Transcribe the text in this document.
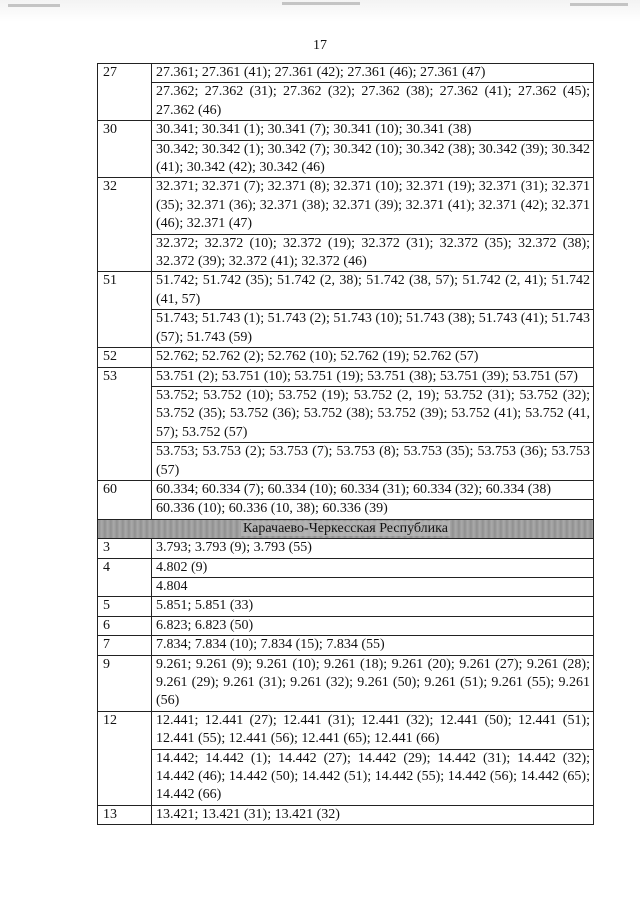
17
27	27.361; 27.361 (41); 27.361 (42); 27.361 (46); 27.361 (47)
	27.362; 27.362 (31); 27.362 (32); 27.362 (38); 27.362 (41); 27.362 (45); 27.362 (46)
30	30.341; 30.341 (1); 30.341 (7); 30.341 (10); 30.341 (38)
	30.342; 30.342 (1); 30.342 (7); 30.342 (10); 30.342 (38); 30.342 (39); 30.342 (41); 30.342 (42); 30.342 (46)
32	32.371; 32.371 (7); 32.371 (8); 32.371 (10); 32.371 (19); 32.371 (31); 32.371 (35); 32.371 (36); 32.371 (38); 32.371 (39); 32.371 (41); 32.371 (42); 32.371 (46); 32.371 (47)
	32.372; 32.372 (10); 32.372 (19); 32.372 (31); 32.372 (35); 32.372 (38); 32.372 (39); 32.372 (41); 32.372 (46)
51	51.742; 51.742 (35); 51.742 (2, 38); 51.742 (38, 57); 51.742 (2, 41); 51.742 (41, 57)
	51.743; 51.743 (1); 51.743 (2); 51.743 (10); 51.743 (38); 51.743 (41); 51.743 (57); 51.743 (59)
52	52.762; 52.762 (2); 52.762 (10); 52.762 (19); 52.762 (57)
53	53.751 (2); 53.751 (10); 53.751 (19); 53.751 (38); 53.751 (39); 53.751 (57)
	53.752; 53.752 (10); 53.752 (19); 53.752 (2, 19); 53.752 (31); 53.752 (32); 53.752 (35); 53.752 (36); 53.752 (38); 53.752 (39); 53.752 (41); 53.752 (41, 57); 53.752 (57)
	53.753; 53.753 (2); 53.753 (7); 53.753 (8); 53.753 (35); 53.753 (36); 53.753 (57)
60	60.334; 60.334 (7); 60.334 (10); 60.334 (31); 60.334 (32); 60.334 (38)
	60.336 (10); 60.336 (10, 38); 60.336 (39)
Карачаево-Черкесская Республика	
3	3.793; 3.793 (9); 3.793 (55)
4	4.802 (9)
	4.804
5	5.851; 5.851 (33)
6	6.823; 6.823 (50)
7	7.834; 7.834 (10); 7.834 (15); 7.834 (55)
9	9.261; 9.261 (9); 9.261 (10); 9.261 (18); 9.261 (20); 9.261 (27); 9.261 (28); 9.261 (29); 9.261 (31); 9.261 (32); 9.261 (50); 9.261 (51); 9.261 (55); 9.261 (56)
12	12.441; 12.441 (27); 12.441 (31); 12.441 (32); 12.441 (50); 12.441 (51); 12.441 (55); 12.441 (56); 12.441 (65); 12.441 (66)
	14.442; 14.442 (1); 14.442 (27); 14.442 (29); 14.442 (31); 14.442 (32); 14.442 (46); 14.442 (50); 14.442 (51); 14.442 (55); 14.442 (56); 14.442 (65); 14.442 (66)
13	13.421; 13.421 (31); 13.421 (32)
